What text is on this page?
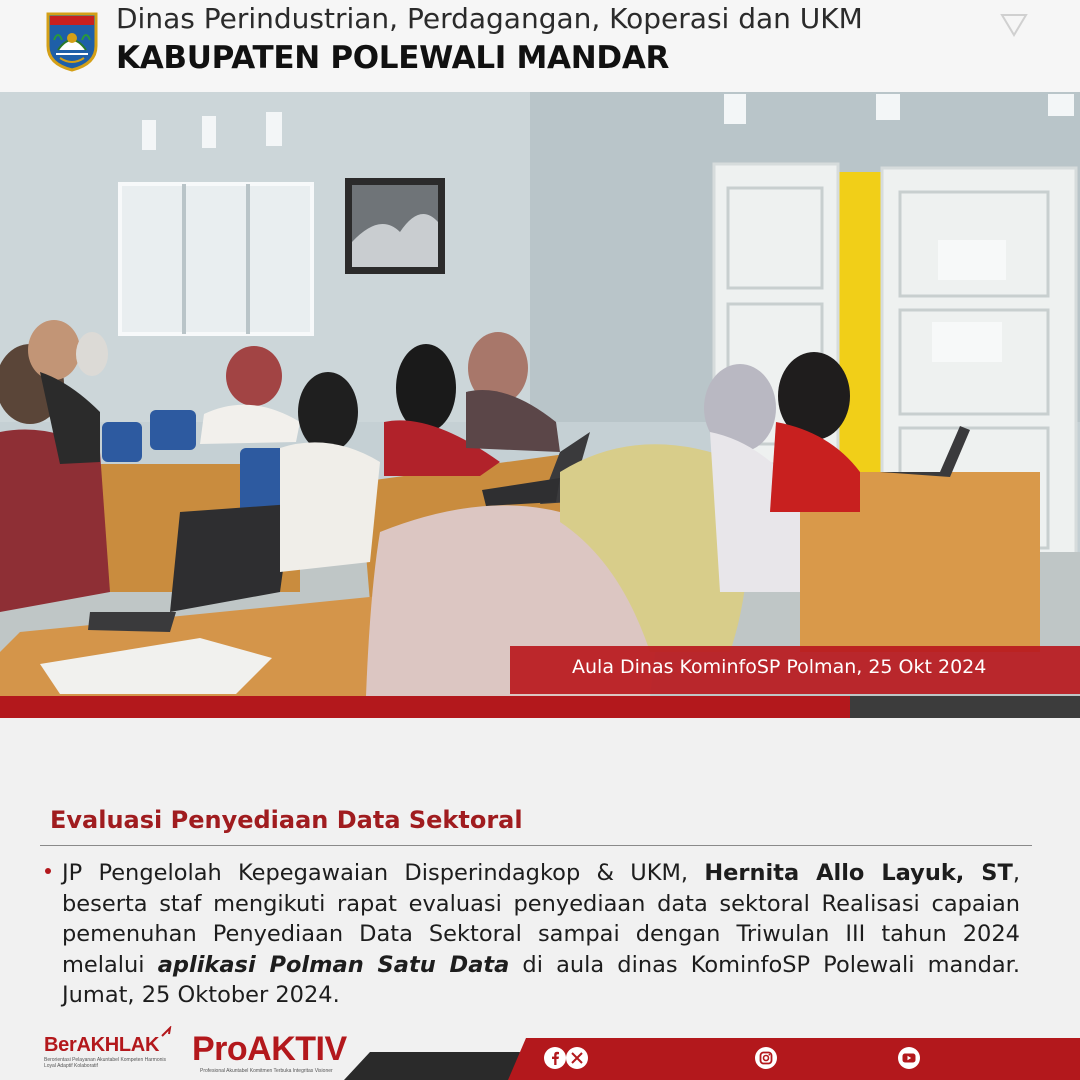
Dinas Perindustrian, Perdagangan, Koperasi dan UKM
KABUPATEN POLEWALI MANDAR
Aula Dinas KominfoSP Polman, 25 Okt 2024
Evaluasi Penyediaan Data Sektoral
JP Pengelolah Kepegawaian Disperindagkop & UKM, Hernita Allo Layuk, ST, beserta staf mengikuti rapat evaluasi penyediaan data sektoral Realisasi capaian pemenuhan Penyediaan Data Sektoral sampai dengan Triwulan III tahun 2024 melalui aplikasi Polman Satu Data di aula dinas KominfoSP Polewali mandar. Jumat, 25 Oktober 2024.
BerAKHLAK
Berorientasi Pelayanan Akuntabel Kompeten Harmonis Loyal Adaptif Kolaboratif	ProAKTIV
Profesional Akuntabel Komitmen Terbuka Integritas Visioner
